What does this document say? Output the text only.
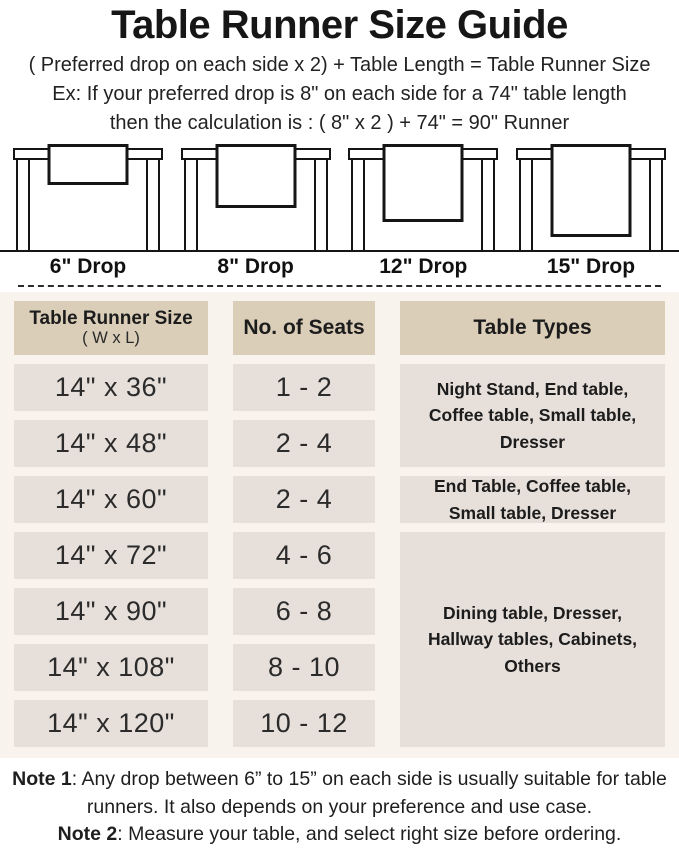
Table Runner Size Guide

( Preferred drop on each side x 2) + Table Length = Table Runner Size

Ex: If your preferred drop is 8" on each side for a 74" table length

then the calculation is : ( 8" x 2 ) + 74" = 90" Runner

6" Drop	8" Drop	12" Drop	15" Drop
Table Runner Size
( W x L)	No. of Seats	Table Types
14" x 36"	1 - 2	Night Stand, End table, Coffee table, Small table, Dresser
14" x 48"	2 - 4
14" x 60"	2 - 4	End Table, Coffee table, Small table, Dresser
14" x 72"	4 - 6
Dining table, Dresser, Hallway tables, Cabinets, Others
14" x 90"	6 - 8
14" x 108"	8 - 10
14" x 120"	10 - 12

Note 1: Any drop between 6” to 15” on each side is usually suitable for table runners. It also depends on your preference and use case.

Note 2: Measure your table, and select right size before ordering.
